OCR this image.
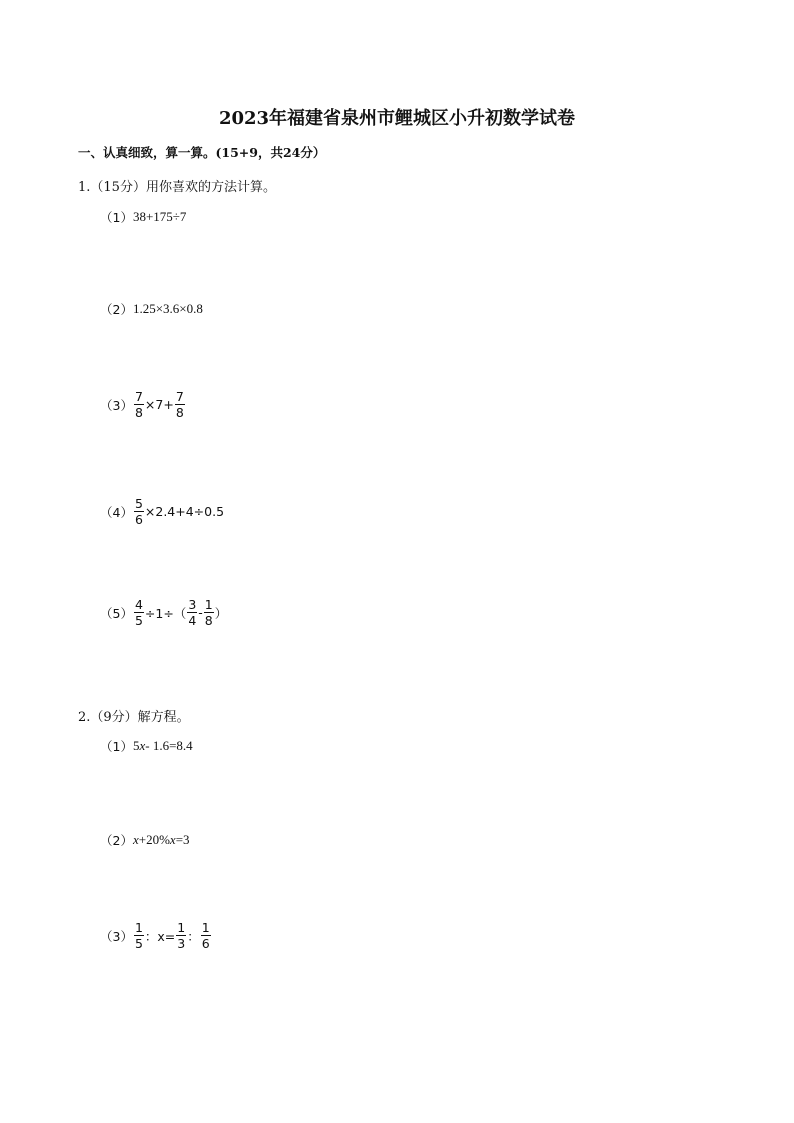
2023年福建省泉州市鲤城区小升初数学试卷
一、认真细致，算一算。(15+9，共24分）
1.（15分）用你喜欢的方法计算。
（1） 38+175÷7
（2） 1.25×3.6×0.8
$(3) \frac{7}{8} \times 7+ \frac{7}{8}$
$(4) \frac{5}{6} \times 2.4+4\div 0.5$
$(5) \frac{4}{5} \div 1\div( \frac{3}{4} - \frac{1}{8}$ ）
2.（9分）解方程。
（1） 5 x - 1.6=8.4
（2） x +20% x =3
$(3) \frac{1}{5}$ ：$x= \frac{1}{3}$ ： $\frac{1}{6}$
